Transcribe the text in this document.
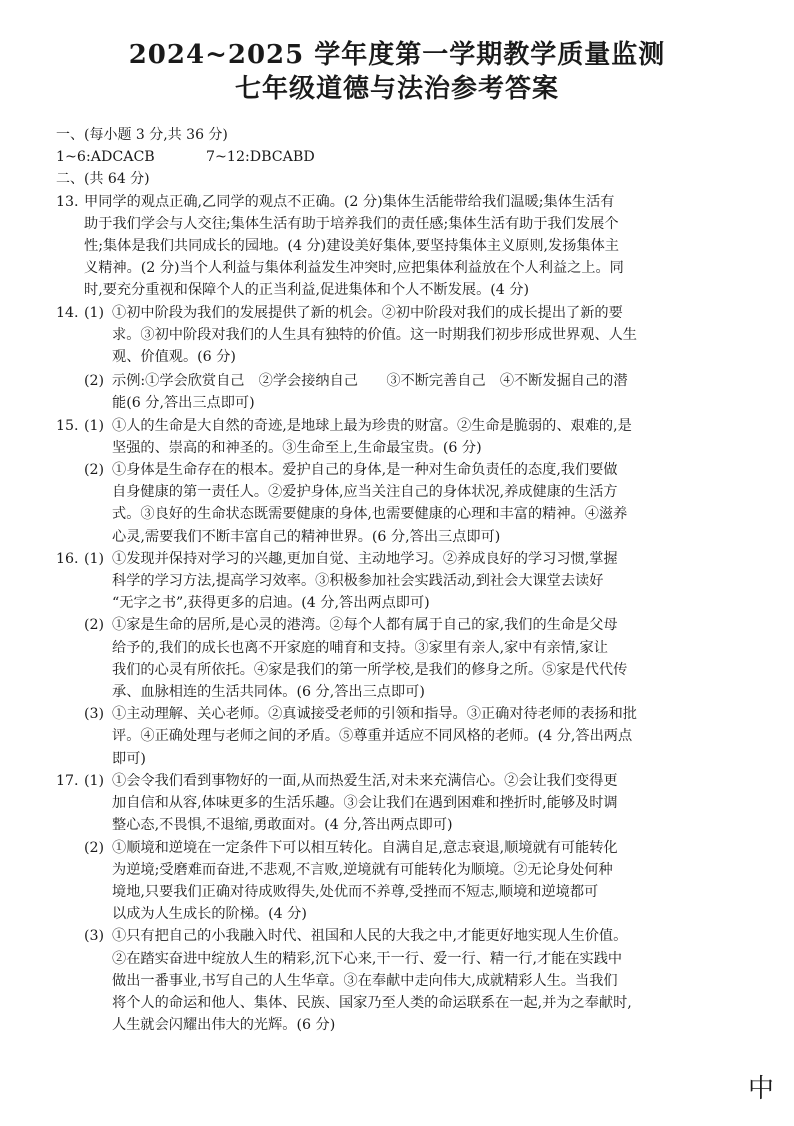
2024~2025 学年度第一学期教学质量监测
七年级道德与法治参考答案

一、(每小题 3 分,共 36 分)

1~6:ADCACB	7~12:DBCABD

二、(共 64 分)

13. 甲同学的观点正确,乙同学的观点不正确。(2 分)集体生活能带给我们温暖;集体生活有
助于我们学会与人交往;集体生活有助于培养我们的责任感;集体生活有助于我们发展个
性;集体是我们共同成长的园地。(4 分)建设美好集体,要坚持集体主义原则,发扬集体主
义精神。(2 分)当个人利益与集体利益发生冲突时,应把集体利益放在个人利益之上。同
时,要充分重视和保障个人的正当利益,促进集体和个人不断发展。(4 分)
14. (1) ①初中阶段为我们的发展提供了新的机会。②初中阶段对我们的成长提出了新的要
求。③初中阶段对我们的人生具有独特的价值。这一时期我们初步形成世界观、人生
观、价值观。(6 分)
(2) 示例:①学会欣赏自己　②学会接纳自己　　③不断完善自己　④不断发掘自己的潜
能(6 分,答出三点即可)
15. (1) ①人的生命是大自然的奇迹,是地球上最为珍贵的财富。②生命是脆弱的、艰难的,是
坚强的、崇高的和神圣的。③生命至上,生命最宝贵。(6 分)
(2) ①身体是生命存在的根本。爱护自己的身体,是一种对生命负责任的态度,我们要做
自身健康的第一责任人。②爱护身体,应当关注自己的身体状况,养成健康的生活方
式。③良好的生命状态既需要健康的身体,也需要健康的心理和丰富的精神。④滋养
心灵,需要我们不断丰富自己的精神世界。(6 分,答出三点即可)
16. (1) ①发现并保持对学习的兴趣,更加自觉、主动地学习。②养成良好的学习习惯,掌握
科学的学习方法,提高学习效率。③积极参加社会实践活动,到社会大课堂去读好
“无字之书”,获得更多的启迪。(4 分,答出两点即可)
(2) ①家是生命的居所,是心灵的港湾。②每个人都有属于自己的家,我们的生命是父母
给予的,我们的成长也离不开家庭的哺育和支持。③家里有亲人,家中有亲情,家让
我们的心灵有所依托。④家是我们的第一所学校,是我们的修身之所。⑤家是代代传
承、血脉相连的生活共同体。(6 分,答出三点即可)
(3) ①主动理解、关心老师。②真诚接受老师的引领和指导。③正确对待老师的表扬和批
评。④正确处理与老师之间的矛盾。⑤尊重并适应不同风格的老师。(4 分,答出两点
即可)
17. (1) ①会令我们看到事物好的一面,从而热爱生活,对未来充满信心。②会让我们变得更
加自信和从容,体味更多的生活乐趣。③会让我们在遇到困难和挫折时,能够及时调
整心态,不畏惧,不退缩,勇敢面对。(4 分,答出两点即可)
(2) ①顺境和逆境在一定条件下可以相互转化。自满自足,意志衰退,顺境就有可能转化
为逆境;受磨难而奋进,不悲观,不言败,逆境就有可能转化为顺境。②无论身处何种
境地,只要我们正确对待成败得失,处优而不养尊,受挫而不短志,顺境和逆境都可
以成为人生成长的阶梯。(4 分)
(3) ①只有把自己的小我融入时代、祖国和人民的大我之中,才能更好地实现人生价值。
②在踏实奋进中绽放人生的精彩,沉下心来,干一行、爱一行、精一行,才能在实践中
做出一番事业,书写自己的人生华章。③在奉献中走向伟大,成就精彩人生。当我们
将个人的命运和他人、集体、民族、国家乃至人类的命运联系在一起,并为之奉献时,
人生就会闪耀出伟大的光辉。(6 分)
中
